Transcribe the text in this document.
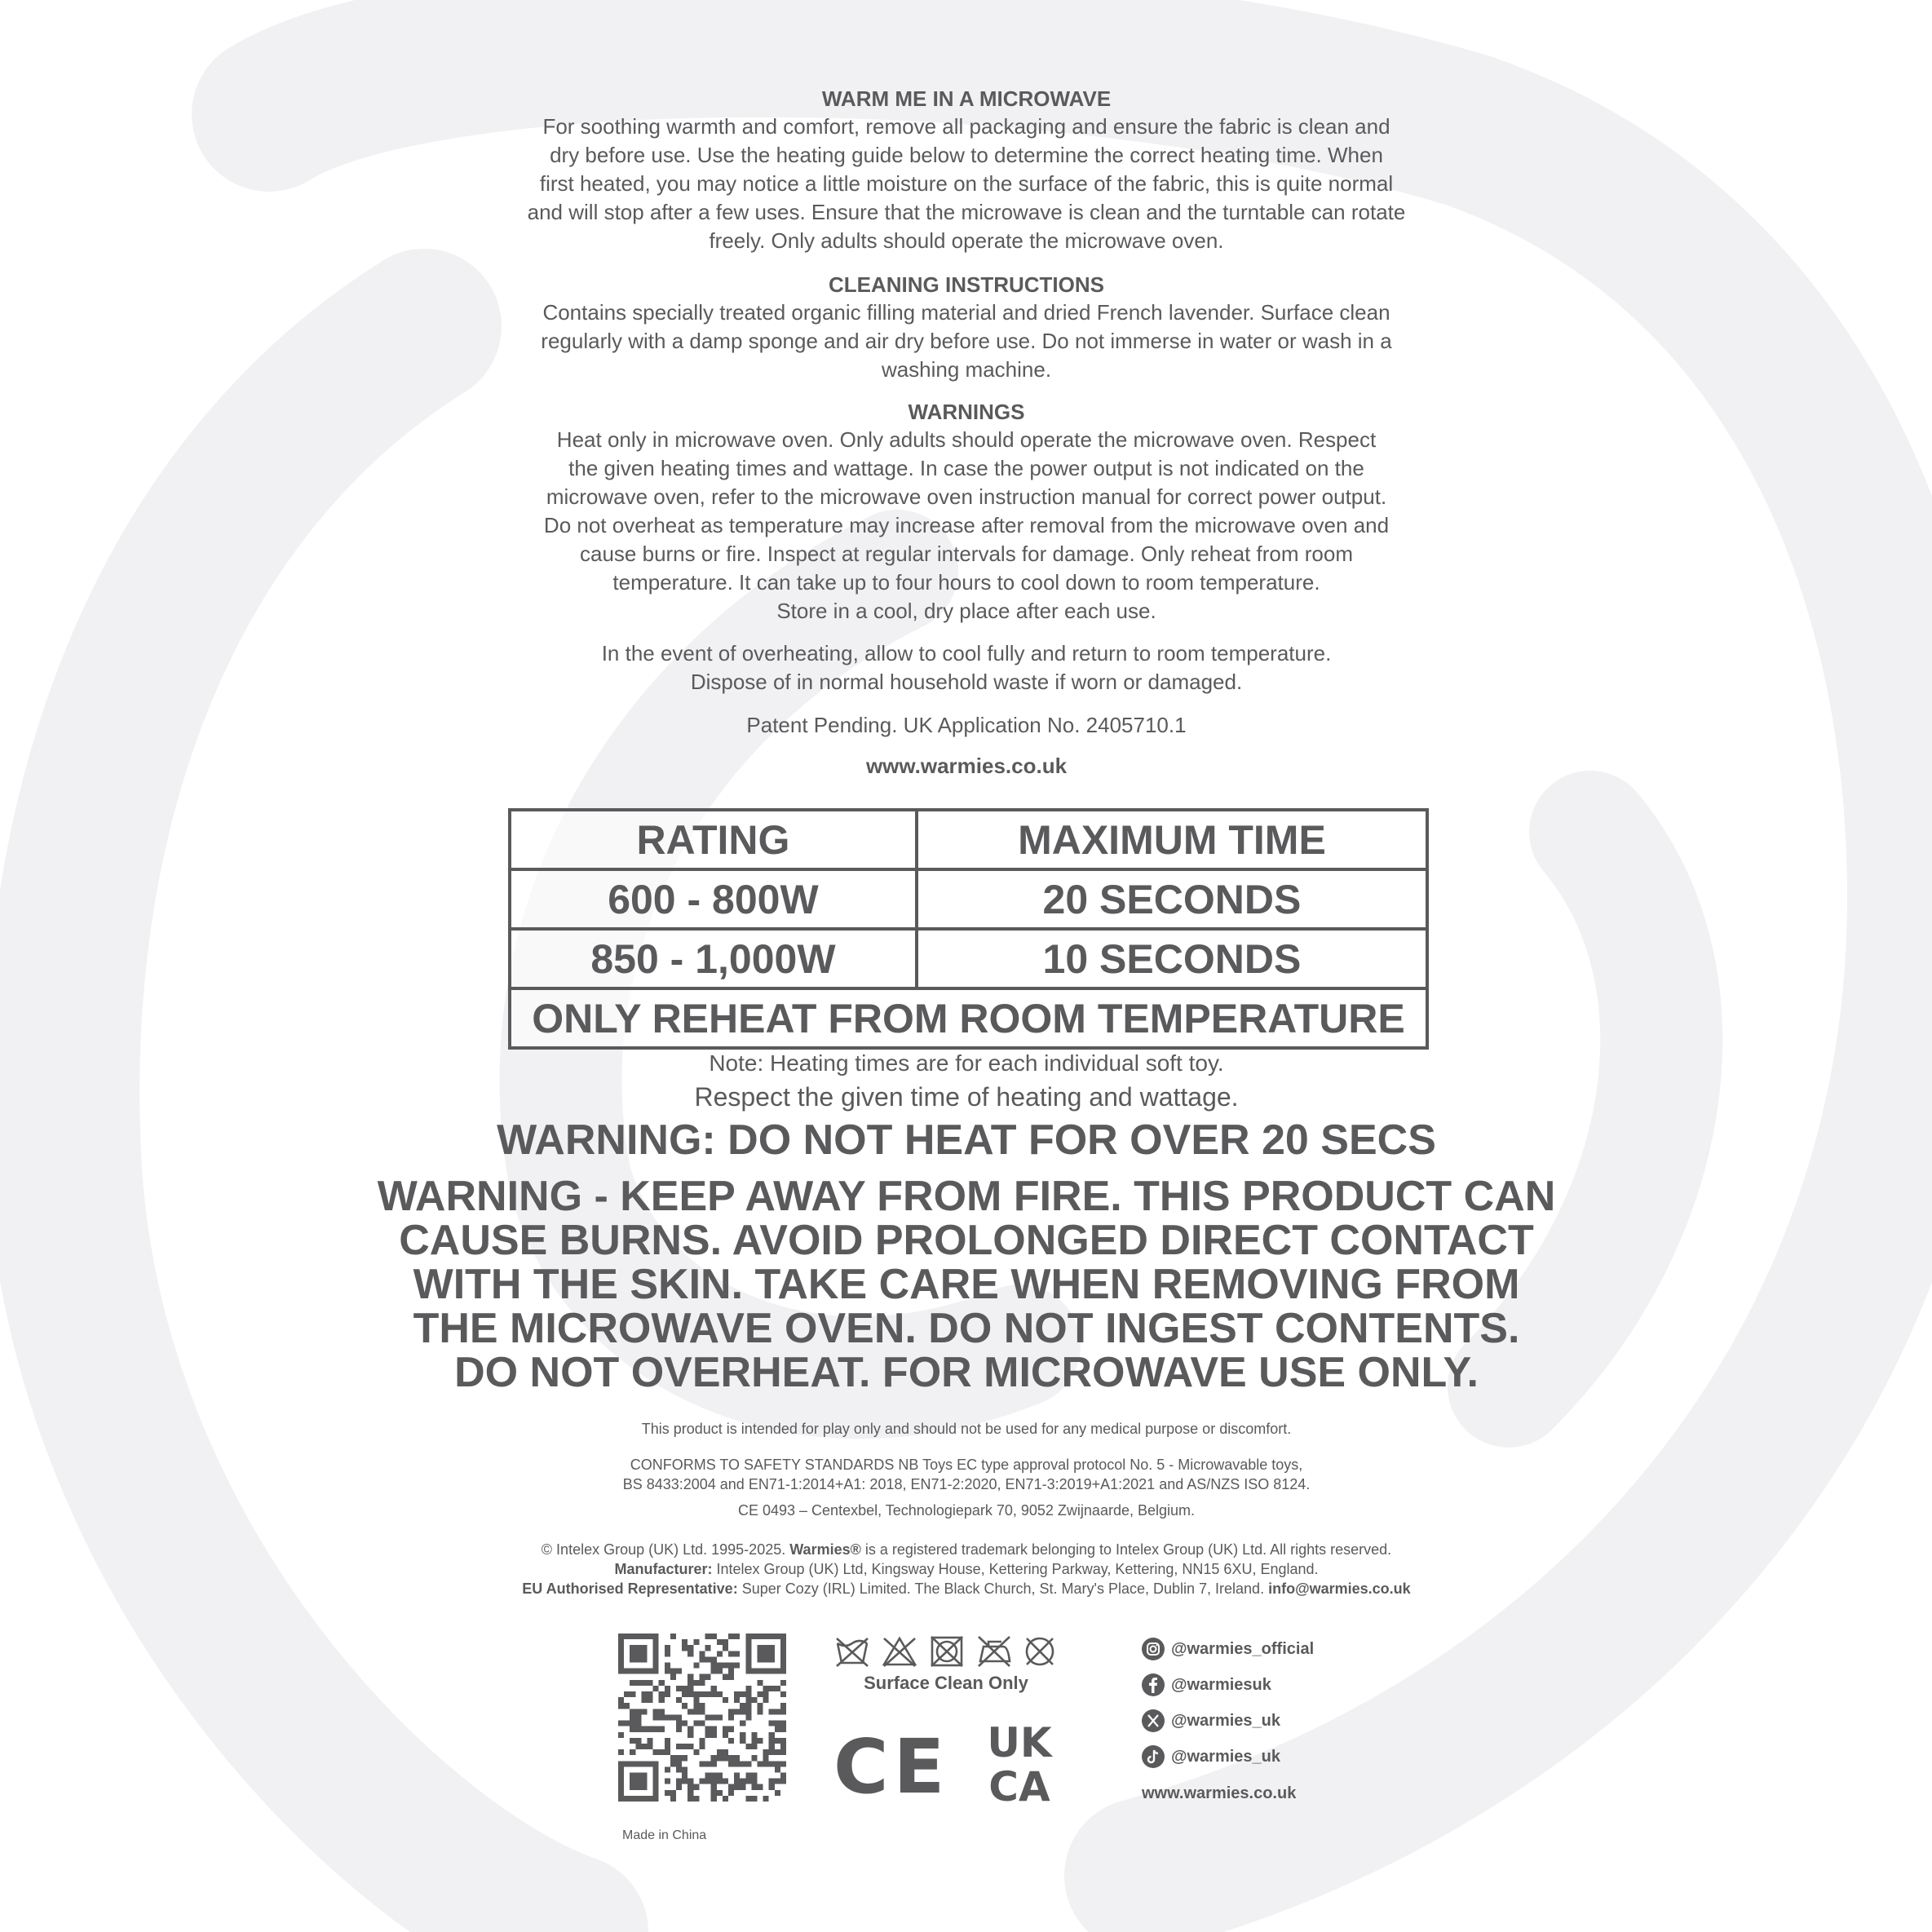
WARM ME IN A MICROWAVE

For soothing warmth and comfort, remove all packaging and ensure the fabric is clean and

dry before use. Use the heating guide below to determine the correct heating time. When

first heated, you may notice a little moisture on the surface of the fabric, this is quite normal

and will stop after a few uses. Ensure that the microwave is clean and the turntable can rotate

freely. Only adults should operate the microwave oven.

CLEANING INSTRUCTIONS

Contains specially treated organic filling material and dried French lavender. Surface clean

regularly with a damp sponge and air dry before use. Do not immerse in water or wash in a

washing machine.

WARNINGS

Heat only in microwave oven. Only adults should operate the microwave oven. Respect

the given heating times and wattage. In case the power output is not indicated on the

microwave oven, refer to the microwave oven instruction manual for correct power output.

Do not overheat as temperature may increase after removal from the microwave oven and

cause burns or fire. Inspect at regular intervals for damage. Only reheat from room

temperature. It can take up to four hours to cool down to room temperature.

Store in a cool, dry place after each use.

In the event of overheating, allow to cool fully and return to room temperature.

Dispose of in normal household waste if worn or damaged.

Patent Pending. UK Application No. 2405710.1
www.warmies.co.uk
RATING	MAXIMUM TIME
600 - 800W	20 SECONDS
850 - 1,000W	10 SECONDS
ONLY REHEAT FROM ROOM TEMPERATURE	
Note: Heating times are for each individual soft toy.
Respect the given time of heating and wattage.
WARNING: DO NOT HEAT FOR OVER 20 SECS
WARNING - KEEP AWAY FROM FIRE. THIS PRODUCT CAN
CAUSE BURNS. AVOID PROLONGED DIRECT CONTACT
WITH THE SKIN. TAKE CARE WHEN REMOVING FROM
THE MICROWAVE OVEN. DO NOT INGEST CONTENTS.
DO NOT OVERHEAT. FOR MICROWAVE USE ONLY.
This product is intended for play only and should not be used for any medical purpose or discomfort.
CONFORMS TO SAFETY STANDARDS NB Toys EC type approval protocol No. 5 - Microwavable toys,
BS 8433:2004 and EN71-1:2014+A1: 2018, EN71-2:2020, EN71-3:2019+A1:2021 and AS/NZS ISO 8124.
CE 0493 – Centexbel, Technologiepark 70, 9052 Zwijnaarde, Belgium.
© Intelex Group (UK) Ltd. 1995-2025. Warmies® is a registered trademark belonging to Intelex Group (UK) Ltd. All rights reserved.
Manufacturer: Intelex Group (UK) Ltd, Kingsway House, Kettering Parkway, Kettering, NN15 6XU, England.
EU Authorised Representative: Super Cozy (IRL) Limited. The Black Church, St. Mary's Place, Dublin 7, Ireland. info@warmies.co.uk
Surface Clean Only
CE UK
CA
@warmies_official
@warmiesuk
@warmies_uk
@warmies_uk
www.warmies.co.uk
Made in China
